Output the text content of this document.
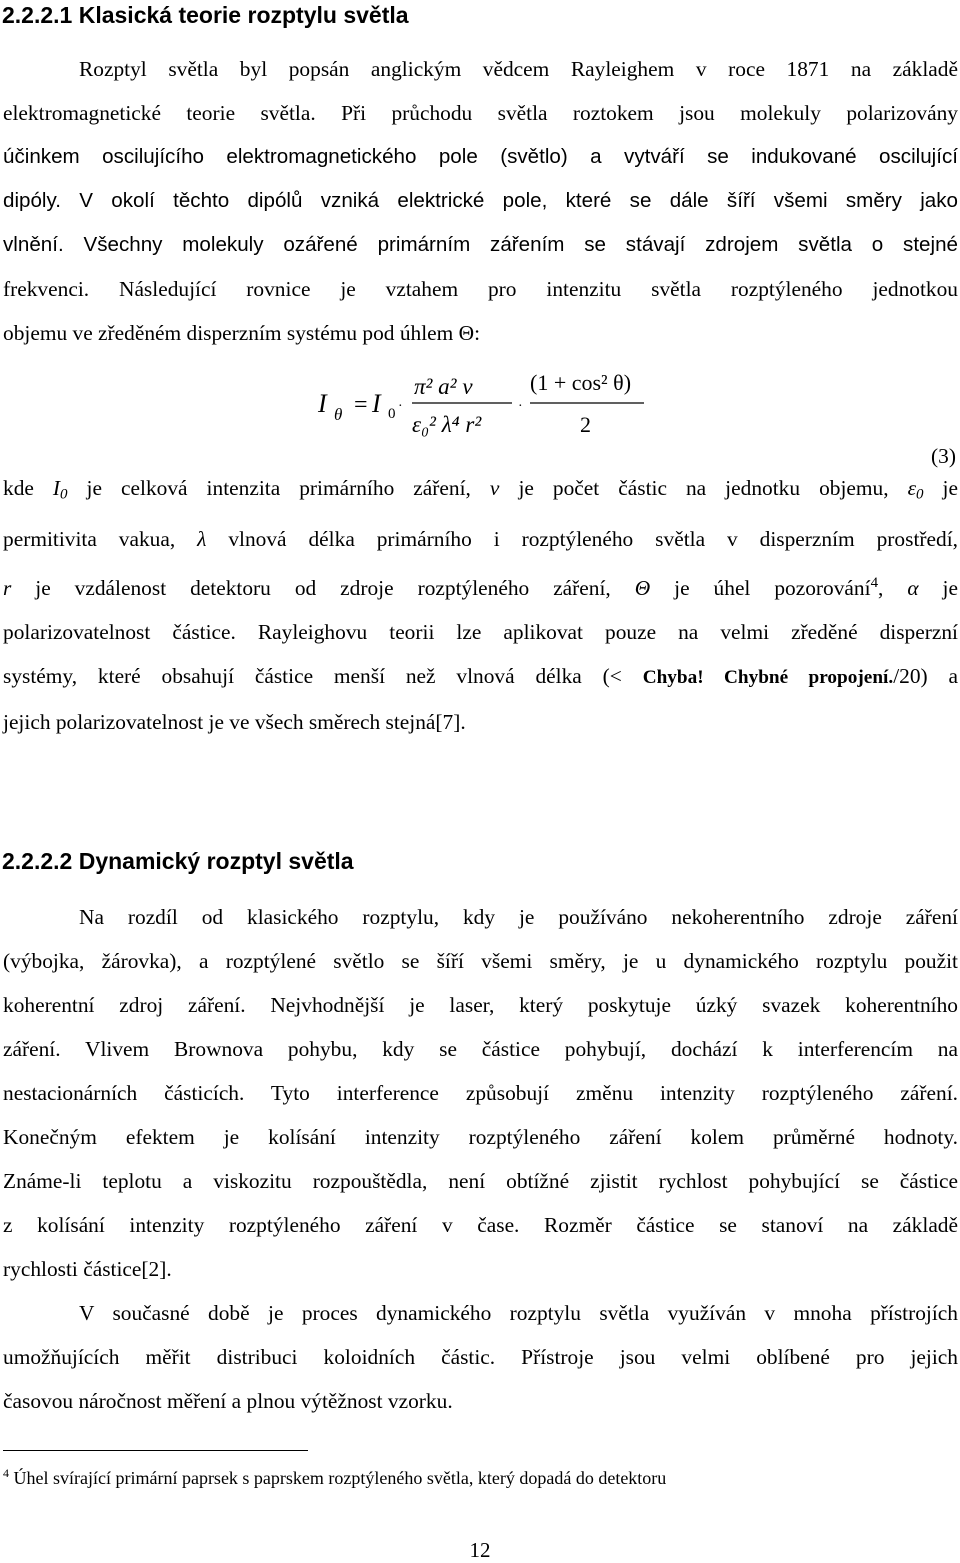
2.2.2.1 Klasická teorie rozptylu světla
Rozptyl světla byl popsán anglickým vědcem Rayleighem v roce 1871 na základě
elektromagnetické teorie světla. Při průchodu světla roztokem jsou molekuly polarizovány
účinkem oscilujícího elektromagnetického pole (světlo) a vytváří se indukované oscilující
dipóly. V okolí těchto dipólů vzniká elektrické pole, které se dále šíří všemi směry jako
vlnění. Všechny molekuly ozářené primárním zářením se stávají zdrojem světla o stejné
frekvenci. Následující rovnice je vztahem pro intenzitu světla rozptýleného jednotkou
objemu ve zředěném disperzním systému pod úhlem Θ:
I θ = I 0 ·
π² a² v
ε₀² λ⁴ r²
·
(1 + cos² θ)
2
(3)
kde $I_0$ je celková intenzita primárního záření, v je počet částic na jednotku objemu, $\varepsilon_0$ je
permitivita vakua, λ vlnová délka primárního i rozptýleného světla v disperzním prostředí,
r je vzdálenost detektoru od zdroje rozptýleného záření, Θ je úhel pozorování$^4$, α je
polarizovatelnost částice. Rayleighovu teorii lze aplikovat pouze na velmi zředěné disperzní
systémy, které obsahují částice menší než vlnová délka (< Chyba! Chybné propojení./20) a
jejich polarizovatelnost je ve všech směrech stejná[7].
2.2.2.2 Dynamický rozptyl světla
Na rozdíl od klasického rozptylu, kdy je používáno nekoherentního zdroje záření
(výbojka, žárovka), a rozptýlené světlo se šíří všemi směry, je u dynamického rozptylu použit
koherentní zdroj záření. Nejvhodnější je laser, který poskytuje úzký svazek koherentního
záření. Vlivem Brownova pohybu, kdy se částice pohybují, dochází k interferencím na
nestacionárních částicích. Tyto interference způsobují změnu intenzity rozptýleného záření.
Konečným efektem je kolísání intenzity rozptýleného záření kolem průměrné hodnoty.
Známe-li teplotu a viskozitu rozpouštědla, není obtížné zjistit rychlost pohybující se částice
z kolísání intenzity rozptýleného záření v čase. Rozměr částice se stanoví na základě
rychlosti částice[2].
V současné době je proces dynamického rozptylu světla využíván v mnoha přístrojích
umožňujících měřit distribuci koloidních částic. Přístroje jsou velmi oblíbené pro jejich
časovou náročnost měření a plnou výtěžnost vzorku.
$^4$ Úhel svírající primární paprsek s paprskem rozptýleného světla, který dopadá do detektoru
12
